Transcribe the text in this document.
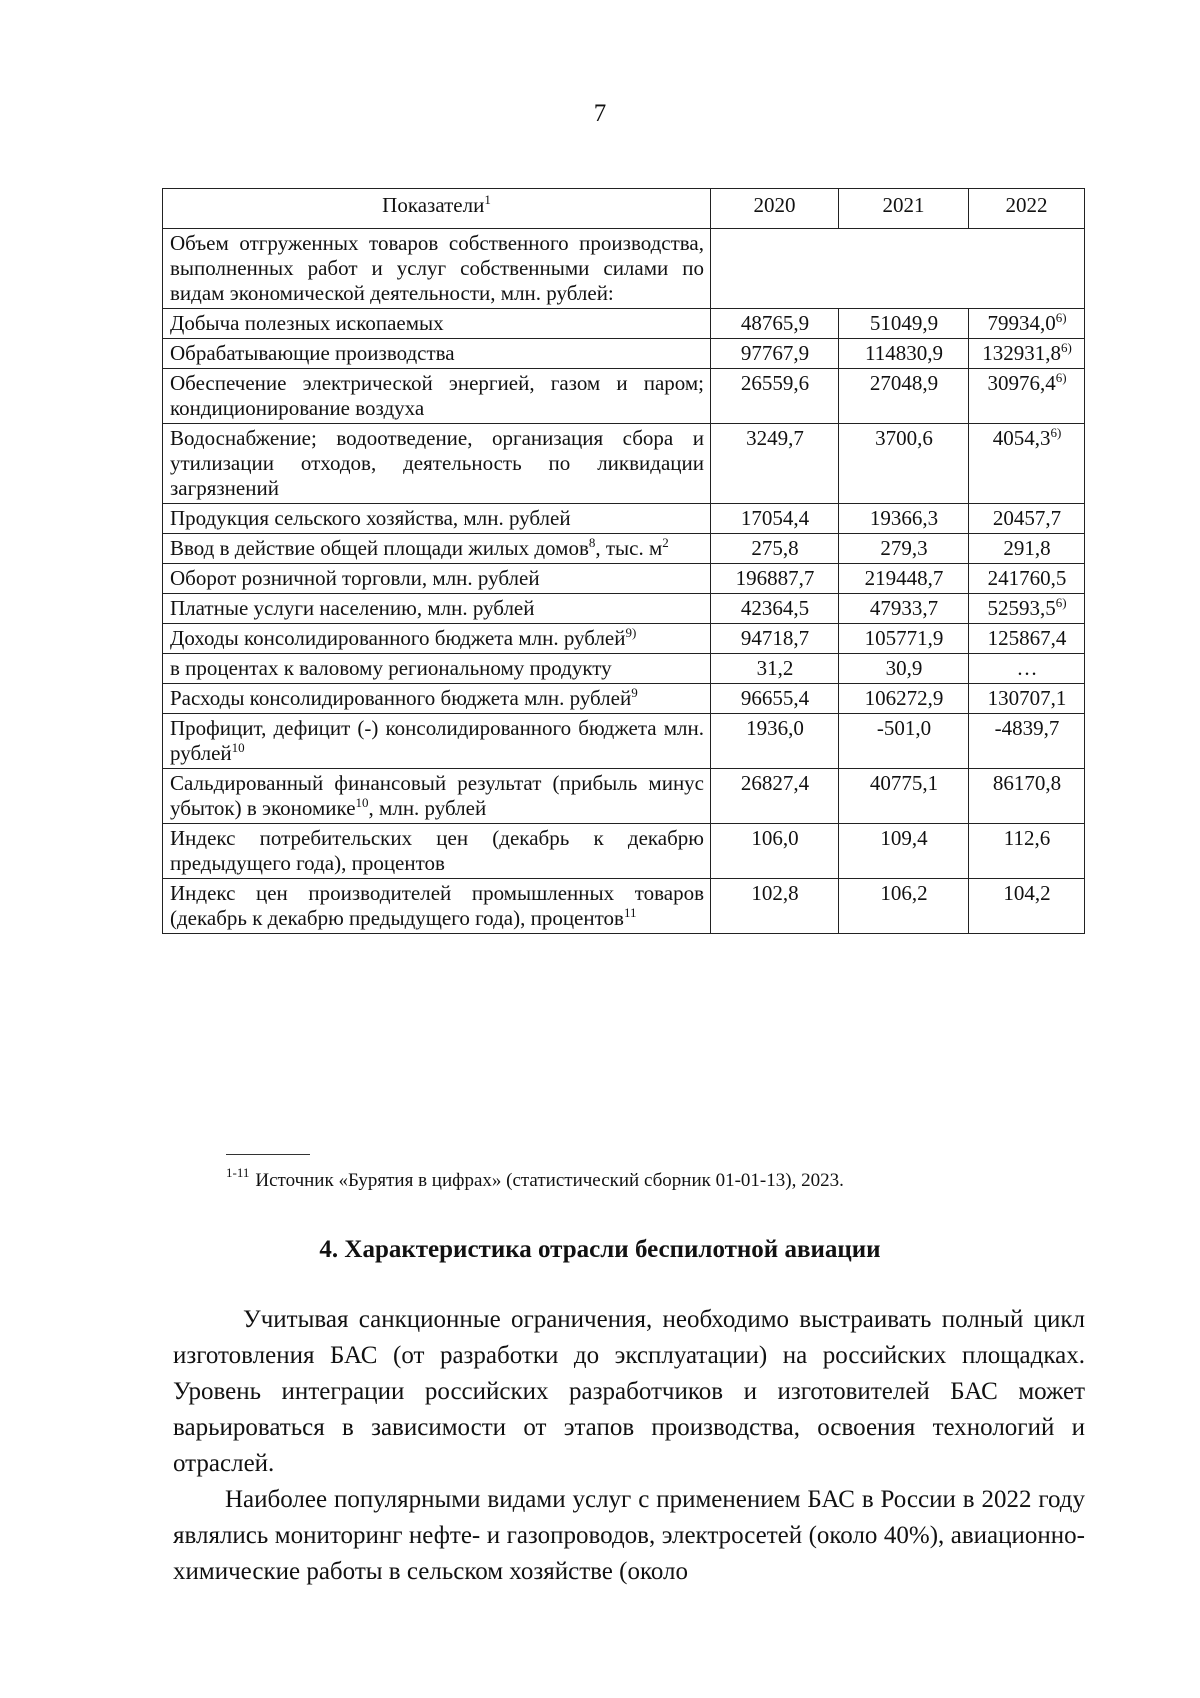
7
Показатели$^1$	2020	2021	2022
Объем отгруженных товаров собственного производства, выполненных работ и услуг собственными силами по видам экономической деятельности, млн. рублей:			
Добыча полезных ископаемых	48765,9	51049,9	79934,0$^{6)}$
Обрабатывающие производства	97767,9	114830,9	132931,8$^{6)}$
Обеспечение электрической энергией, газом и паром; кондиционирование воздуха	26559,6	27048,9	30976,4$^{6)}$
Водоснабжение; водоотведение, организация сбора и утилизации отходов, деятельность по ликвидации загрязнений	3249,7	3700,6	4054,3$^{6)}$
Продукция сельского хозяйства, млн. рублей	17054,4	19366,3	20457,7
Ввод в действие общей площади жилых домов$^8$, тыс. $м^2$	275,8	279,3	291,8
Оборот розничной торговли, млн. рублей	196887,7	219448,7	241760,5
Платные услуги населению, млн. рублей	42364,5	47933,7	52593,5$^{6)}$
Доходы консолидированного бюджета млн. рублей$^{9)}$	94718,7	105771,9	125867,4
в процентах к валовому региональному продукту	31,2	30,9	…
Расходы консолидированного бюджета млн. рублей$^9$	96655,4	106272,9	130707,1
Профицит, дефицит (-) консолидированного бюджета млн. рублей$^{10}$	1936,0	-501,0	-4839,7
Сальдированный финансовый результат (прибыль минус убыток) в экономике$^{10}$, млн. рублей	26827,4	40775,1	86170,8
Индекс потребительских цен (декабрь к декабрю предыдущего года), процентов	106,0	109,4	112,6
Индекс цен производителей промышленных товаров (декабрь к декабрю предыдущего года), процентов$^{11}$	102,8	106,2	104,2
$^{1-11}$ Источник «Бурятия в цифрах» (статистический сборник 01-01-13), 2023.
4. Характеристика отрасли беспилотной авиации

Учитывая санкционные ограничения, необходимо выстраивать полный цикл изготовления БАС (от разработки до эксплуатации) на российских площадках. Уровень интеграции российских разработчиков и изготовителей БАС может варьироваться в зависимости от этапов производства, освоения технологий и отраслей.

Наиболее популярными видами услуг с применением БАС в России в 2022 году являлись мониторинг нефте- и газопроводов, электросетей (около 40%), авиационно-химические работы в сельском хозяйстве (около
